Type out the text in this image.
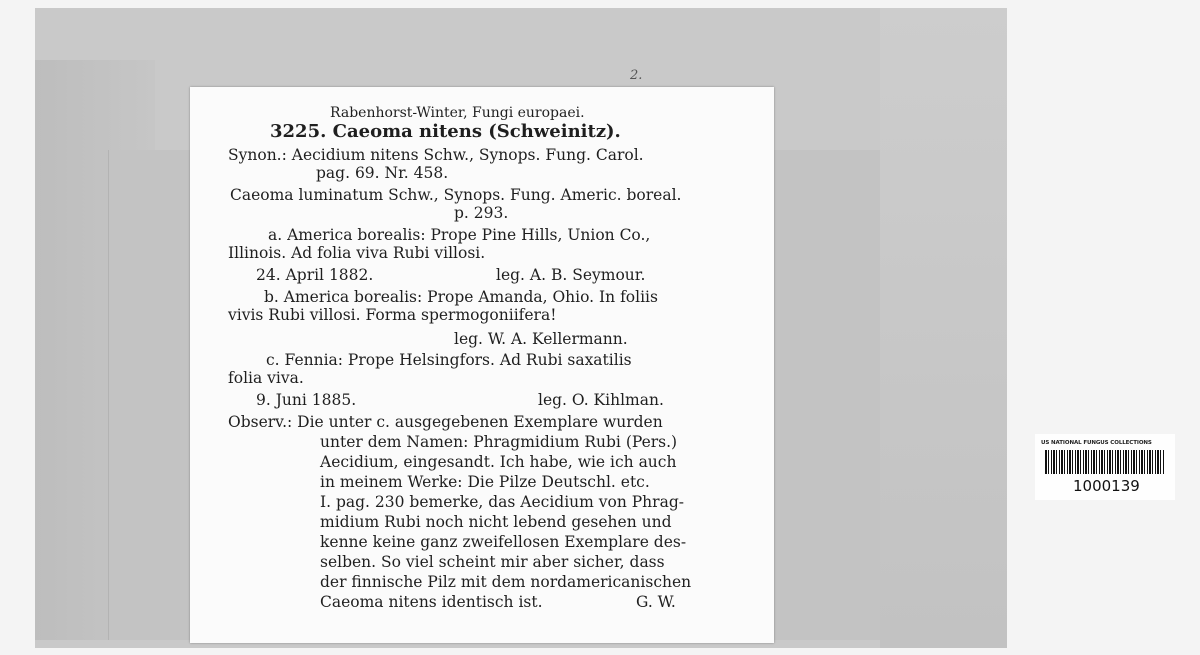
2.
Rabenhorst-Winter, Fungi europaei.
3225. Caeoma nitens (Schweinitz).
Synon.: Aecidium nitens Schw., Synops. Fung. Carol.
pag. 69. Nr. 458.
Caeoma luminatum Schw., Synops. Fung. Americ. boreal.
p. 293.
a. America borealis: Prope Pine Hills, Union Co.,
Illinois. Ad folia viva Rubi villosi.
24. April 1882.	leg. A. B. Seymour.
b. America borealis: Prope Amanda, Ohio. In foliis
vivis Rubi villosi. Forma spermogoniifera!
leg. W. A. Kellermann.
c. Fennia: Prope Helsingfors. Ad Rubi saxatilis
folia viva.
9. Juni 1885.	leg. O. Kihlman.
Observ.: Die unter c. ausgegebenen Exemplare wurden
unter dem Namen: Phragmidium Rubi (Pers.)
Aecidium, eingesandt. Ich habe, wie ich auch
in meinem Werke: Die Pilze Deutschl. etc.
I. pag. 230 bemerke, das Aecidium von Phrag-
midium Rubi noch nicht lebend gesehen und
kenne keine ganz zweifellosen Exemplare des-
selben. So viel scheint mir aber sicher, dass
der finnische Pilz mit dem nordamericanischen
Caeoma nitens identisch ist.	G. W.
US NATIONAL FUNGUS COLLECTIONS
1000139
